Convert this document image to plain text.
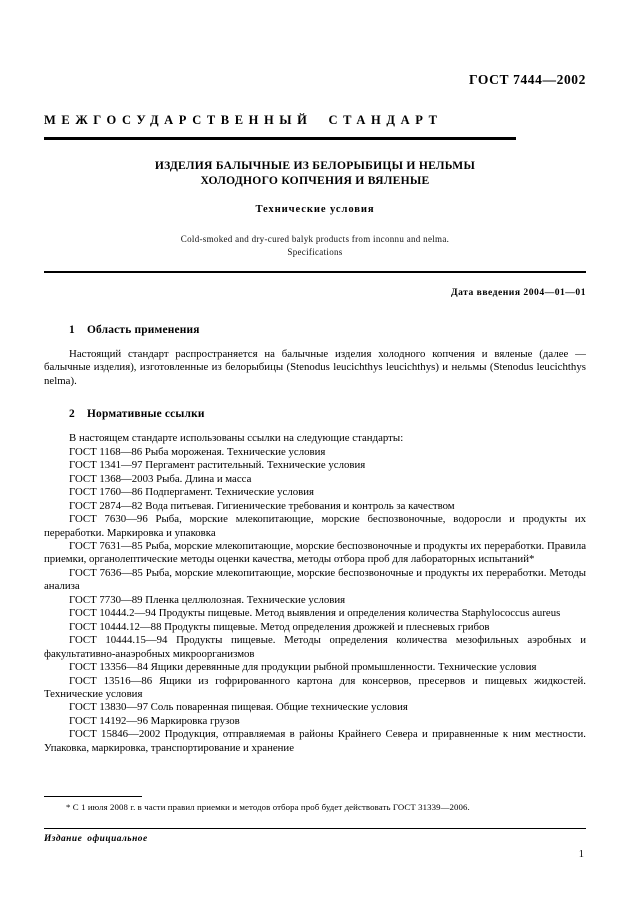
ГОСТ 7444—2002
МЕЖГОСУДАРСТВЕННЫЙ СТАНДАРТ
ИЗДЕЛИЯ БАЛЫЧНЫЕ ИЗ БЕЛОРЫБИЦЫ И НЕЛЬМЫ
ХОЛОДНОГО КОПЧЕНИЯ И ВЯЛЕНЫЕ
Технические условия
Cold-smoked and dry-cured balyk products from inconnu and nelma.
Specifications
Дата введения 2004—01—01
1 Область применения

Настоящий стандарт распространяется на балычные изделия холодного копчения и вяленые (далее — балычные изделия), изготовленные из белорыбицы (Stenodus leucichthys leucichthys) и нельмы (Stenodus leucichthys nelma).

2 Нормативные ссылки

В настоящем стандарте использованы ссылки на следующие стандарты:

ГОСТ 1168—86 Рыба мороженая. Технические условия

ГОСТ 1341—97 Пергамент растительный. Технические условия

ГОСТ 1368—2003 Рыба. Длина и масса

ГОСТ 1760—86 Подпергамент. Технические условия

ГОСТ 2874—82 Вода питьевая. Гигиенические требования и контроль за качеством

ГОСТ 7630—96 Рыба, морские млекопитающие, морские беспозвоночные, водоросли и продукты их переработки. Маркировка и упаковка

ГОСТ 7631—85 Рыба, морские млекопитающие, морские беспозвоночные и продукты их переработки. Правила приемки, органолептические методы оценки качества, методы отбора проб для лабораторных испытаний*

ГОСТ 7636—85 Рыба, морские млекопитающие, морские беспозвоночные и продукты их переработки. Методы анализа

ГОСТ 7730—89 Пленка целлюлозная. Технические условия

ГОСТ 10444.2—94 Продукты пищевые. Метод выявления и определения количества Staphylococcus aureus

ГОСТ 10444.12—88 Продукты пищевые. Метод определения дрожжей и плесневых грибов

ГОСТ 10444.15—94 Продукты пищевые. Методы определения количества мезофильных аэробных и факультативно-анаэробных микроорганизмов

ГОСТ 13356—84 Ящики деревянные для продукции рыбной промышленности. Технические условия

ГОСТ 13516—86 Ящики из гофрированного картона для консервов, пресервов и пищевых жидкостей. Технические условия

ГОСТ 13830—97 Соль поваренная пищевая. Общие технические условия

ГОСТ 14192—96 Маркировка грузов

ГОСТ 15846—2002 Продукция, отправляемая в районы Крайнего Севера и приравненные к ним местности. Упаковка, маркировка, транспортирование и хранение

* С 1 июля 2008 г. в части правил приемки и методов отбора проб будет действовать ГОСТ 31339—2006.
Издание официальное
1
